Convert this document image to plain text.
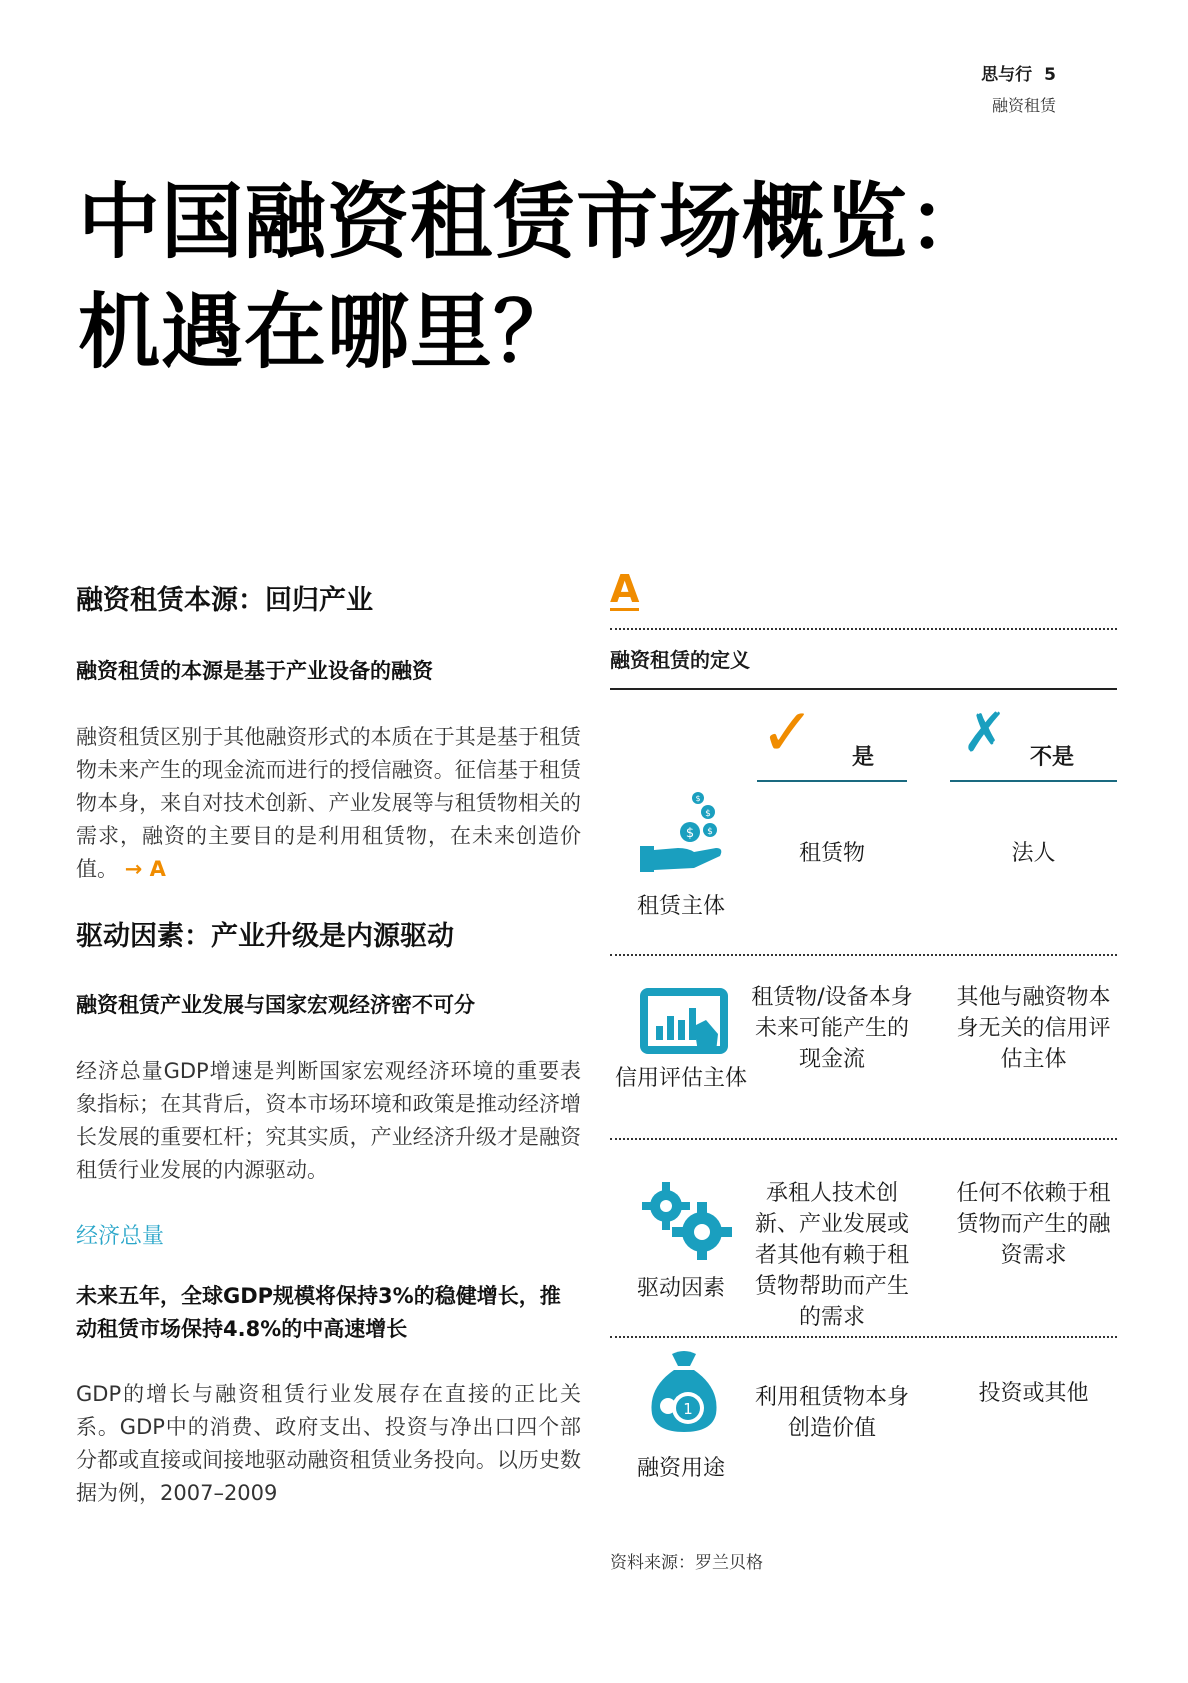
思与行 5
融资租赁
中国融资租赁市场概览：
机遇在哪里？

融资租赁本源：回归产业

融资租赁的本源是基于产业设备的融资

融资租赁区别于其他融资形式的本质在于其是基于租赁物未来产生的现金流而进行的授信融资。征信基于租赁物本身，来自对技术创新、产业发展等与租赁物相关的需求，融资的主要目的是利用租赁物，在未来创造价值。 → A

驱动因素：产业升级是内源驱动

融资租赁产业发展与国家宏观经济密不可分

经济总量GDP增速是判断国家宏观经济环境的重要表象指标；在其背后，资本市场环境和政策是推动经济增长发展的重要杠杆；究其实质，产业经济升级才是融资租赁行业发展的内源驱动。

经济总量

未来五年，全球GDP规模将保持3%的稳健增长，推动租赁市场保持4.8%的中高速增长

GDP的增长与融资租赁行业发展存在直接的正比关系。GDP中的消费、政府支出、投资与净出口四个部分都或直接或间接地驱动融资租赁业务投向。以历史数据为例，2007–2009

A
融资租赁的定义
✓ 是 ✗ 不是
$ $
$
$
租赁主体
租赁物	法人
信用评估主体
租赁物/设备本身未来可能产生的现金流
其他与融资物本身无关的信用评估主体
驱动因素
承租人技术创新、产业发展或者其他有赖于租赁物帮助而产生的需求
任何不依赖于租赁物而产生的融资需求
1
融资用途
利用租赁物本身创造价值
投资或其他
资料来源：罗兰贝格
